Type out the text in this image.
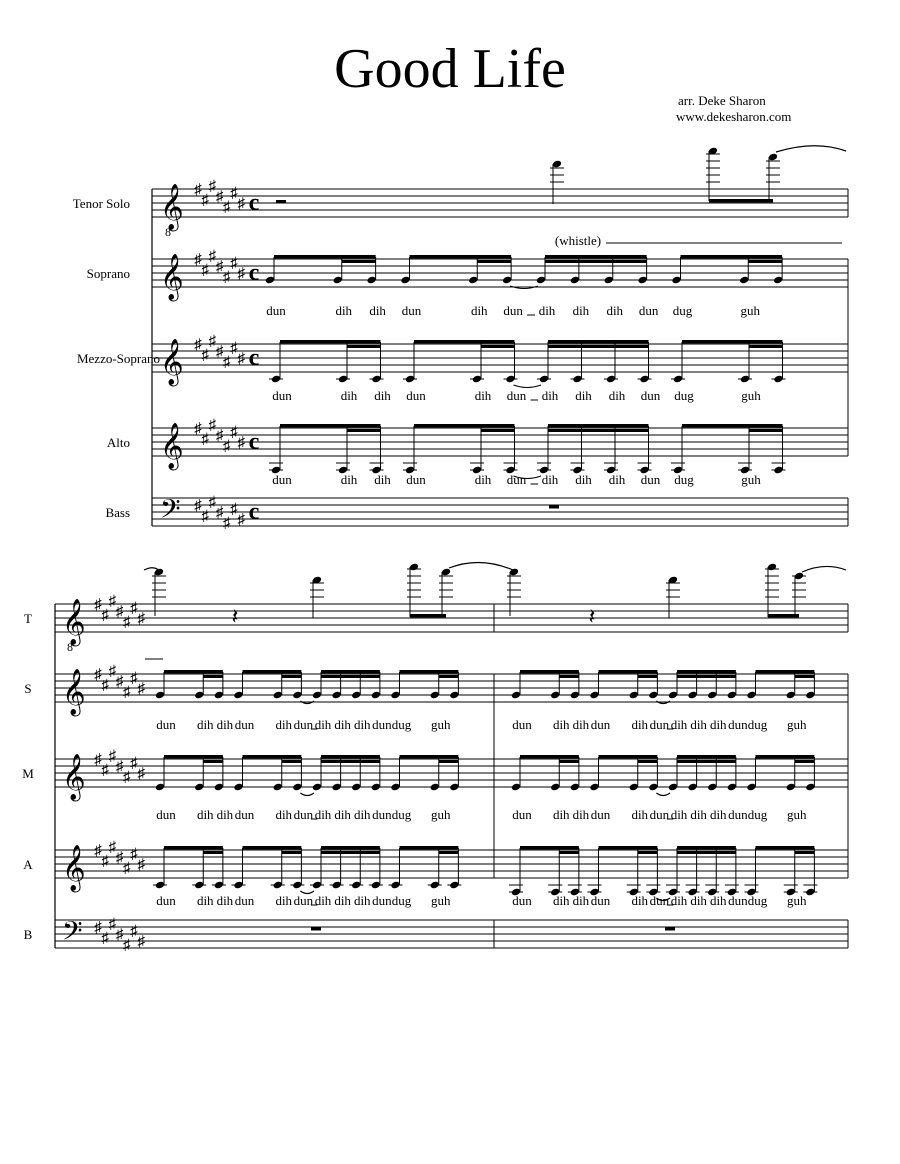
Good Life
arr. Deke Sharon
www.dekesharon.com
Tenor Solo
Soprano
Mezzo-Soprano
Alto
Bass
T
S
M
A
B
𝄞
8
𝄞
𝄞
𝄞
𝄢
♯
♯
♯
♯
♯
♯
♯ c
♯
♯
♯
♯
♯
♯
♯ c
♯
♯
♯
♯
♯
♯
♯ c
♯
♯
♯
♯
♯
♯
♯ c
♯
♯
♯
♯
♯
♯
♯ c
(whistle)
dun	dih dih dun	dih dun dih dih dih dun dug	guh
dun	dih dih dun	dih dun dih dih dih dun dug	guh
dun	dih dih dun	dih dun dih dih dih dun dug	guh
𝄞
8
𝄞
𝄞
𝄞
𝄢
♯
♯
♯
♯
♯
♯
♯
♯
♯
♯
♯
♯
♯
♯
♯
♯
♯
♯
♯
♯
♯
♯
♯
♯
♯
♯
♯
♯
♯
♯
♯
♯
♯
♯
♯
𝄽	𝄽
dun dih dih dun dih dun dih dih dih dun dug guh	dun dih dih dun dih dun dih dih dih dun dug guh
dun dih dih dun dih dun dih dih dih dun dug guh	dun dih dih dun dih dun dih dih dih dun dug guh
dun dih dih dun dih dun dih dih dih dun dug guh	dun dih dih dun dih dun dih dih dih dun dug guh
